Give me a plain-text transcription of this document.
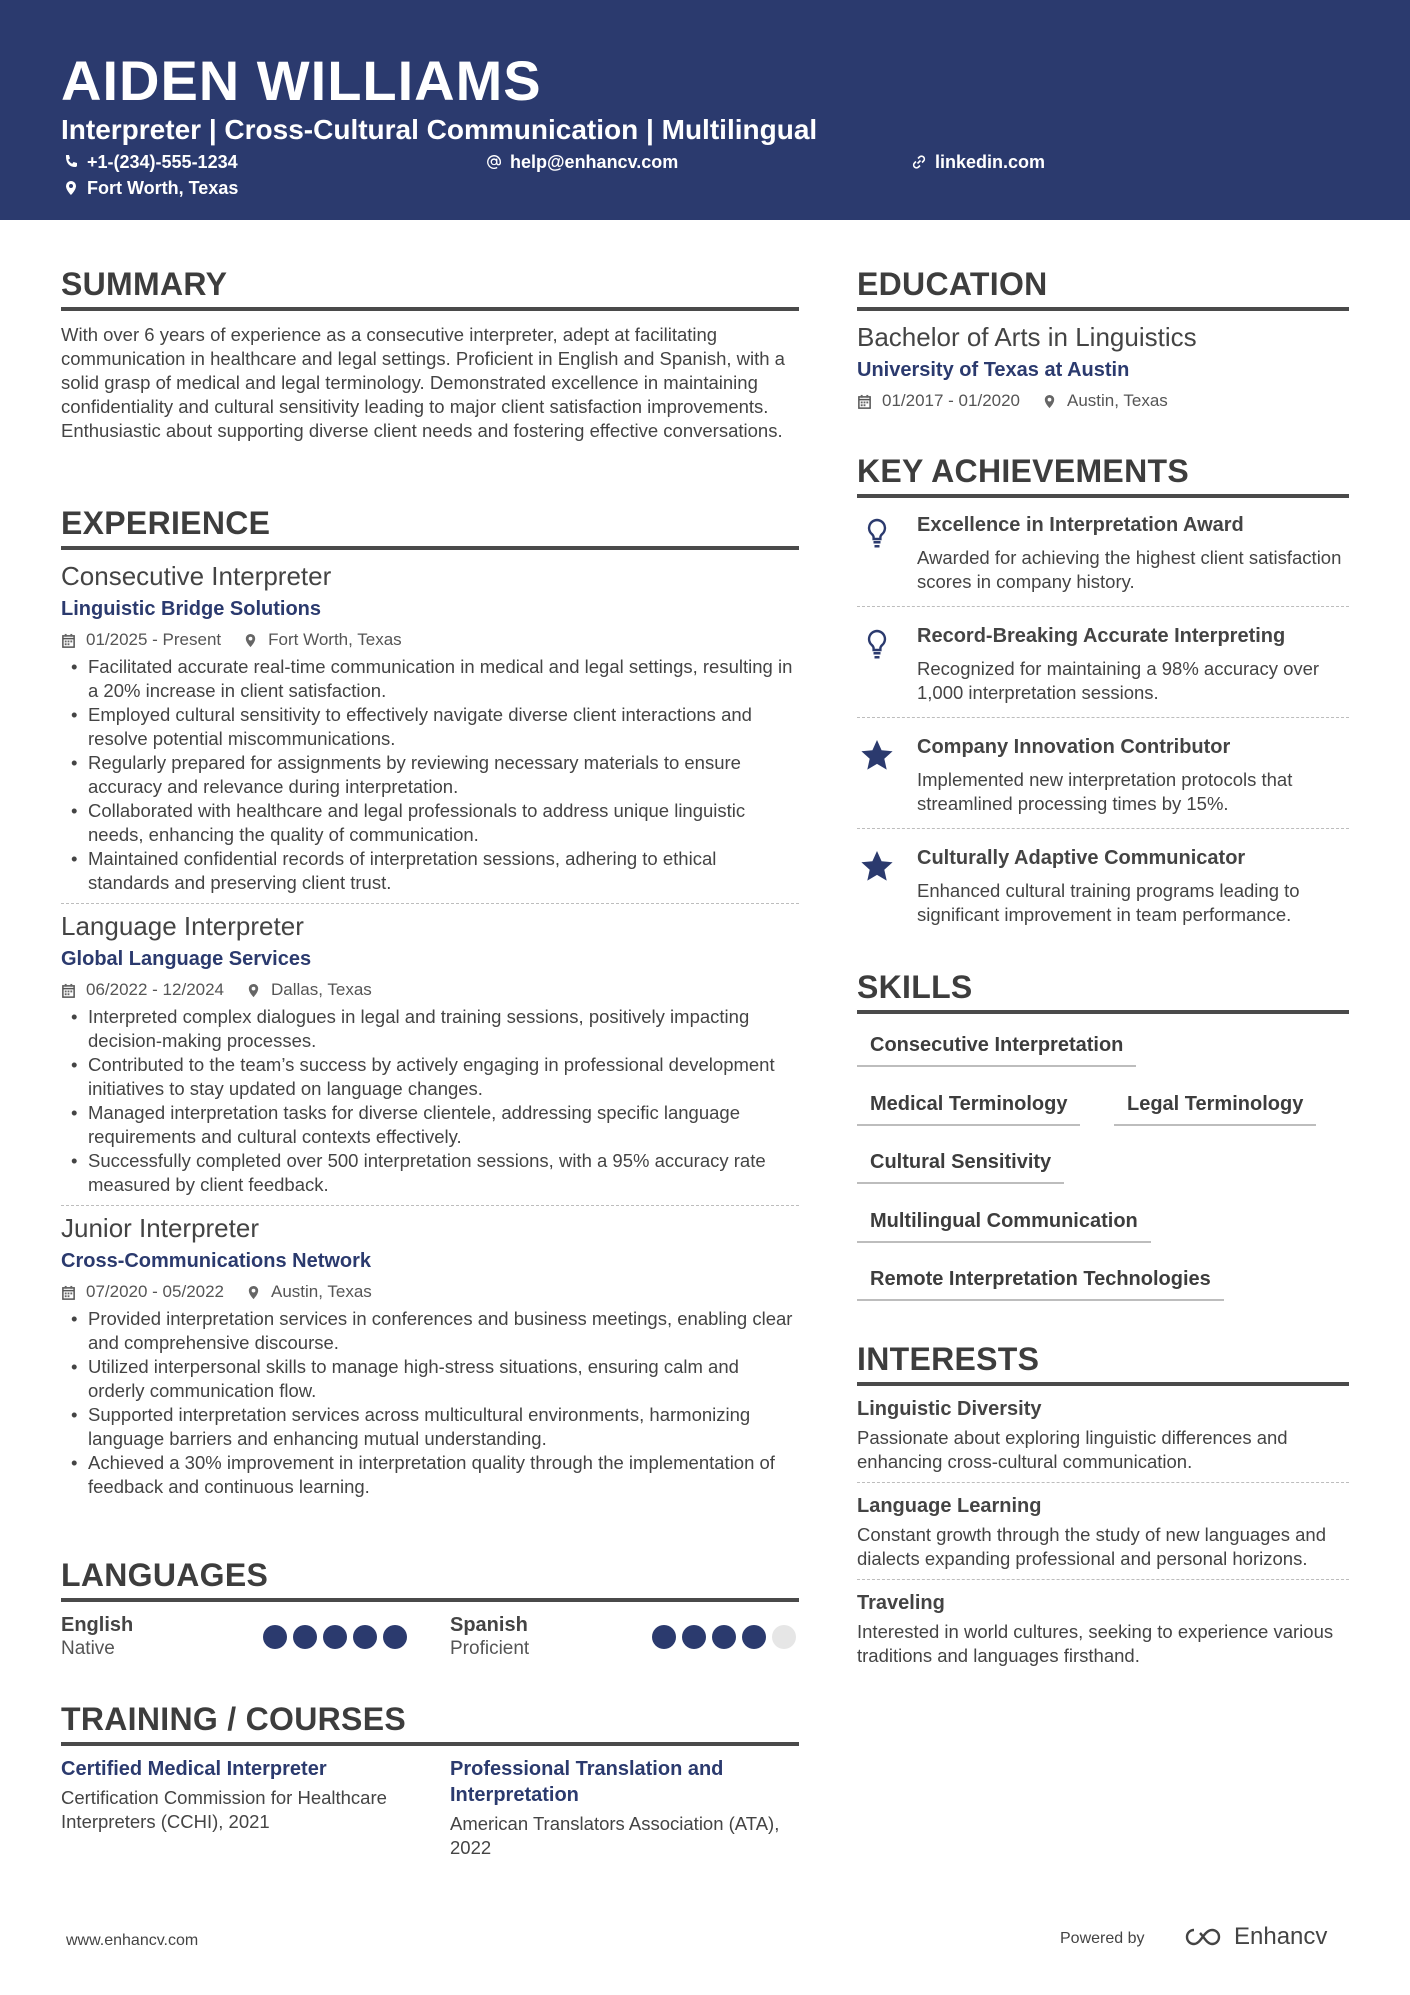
AIDEN WILLIAMS
Interpreter | Cross-Cultural Communication | Multilingual
+1-(234)-555-1234	help@enhancv.com	linkedin.com
Fort Worth, Texas
SUMMARY
With over 6 years of experience as a consecutive interpreter, adept at facilitating communication in healthcare and legal settings. Proficient in English and Spanish, with a solid grasp of medical and legal terminology. Demonstrated excellence in maintaining confidentiality and cultural sensitivity leading to major client satisfaction improvements. Enthusiastic about supporting diverse client needs and fostering effective conversations.
EXPERIENCE
Consecutive Interpreter
Linguistic Bridge Solutions
01/2025 - Present	Fort Worth, Texas
• Facilitated accurate real-time communication in medical and legal settings, resulting in a 20% increase in client satisfaction.
• Employed cultural sensitivity to effectively navigate diverse client interactions and resolve potential miscommunications.
• Regularly prepared for assignments by reviewing necessary materials to ensure accuracy and relevance during interpretation.
• Collaborated with healthcare and legal professionals to address unique linguistic needs, enhancing the quality of communication.
• Maintained confidential records of interpretation sessions, adhering to ethical standards and preserving client trust.
Language Interpreter
Global Language Services
06/2022 - 12/2024	Dallas, Texas
• Interpreted complex dialogues in legal and training sessions, positively impacting decision-making processes.
• Contributed to the team’s success by actively engaging in professional development initiatives to stay updated on language changes.
• Managed interpretation tasks for diverse clientele, addressing specific language requirements and cultural contexts effectively.
• Successfully completed over 500 interpretation sessions, with a 95% accuracy rate measured by client feedback.
Junior Interpreter
Cross-Communications Network
07/2020 - 05/2022	Austin, Texas
• Provided interpretation services in conferences and business meetings, enabling clear and comprehensive discourse.
• Utilized interpersonal skills to manage high-stress situations, ensuring calm and orderly communication flow.
• Supported interpretation services across multicultural environments, harmonizing language barriers and enhancing mutual understanding.
• Achieved a 30% improvement in interpretation quality through the implementation of feedback and continuous learning.
LANGUAGES
English
Native
Spanish
Proficient
TRAINING / COURSES
Certified Medical Interpreter
Certification Commission for Healthcare Interpreters (CCHI), 2021
Professional Translation and Interpretation
American Translators Association (ATA), 2022
EDUCATION
Bachelor of Arts in Linguistics
University of Texas at Austin
01/2017 - 01/2020	Austin, Texas
KEY ACHIEVEMENTS
Excellence in Interpretation Award
Awarded for achieving the highest client satisfaction scores in company history.
Record-Breaking Accurate Interpreting
Recognized for maintaining a 98% accuracy over 1,000 interpretation sessions.
Company Innovation Contributor
Implemented new interpretation protocols that streamlined processing times by 15%.
Culturally Adaptive Communicator
Enhanced cultural training programs leading to significant improvement in team performance.
SKILLS
Consecutive Interpretation
Medical Terminology	Legal Terminology
Cultural Sensitivity
Multilingual Communication
Remote Interpretation Technologies
INTERESTS
Linguistic Diversity
Passionate about exploring linguistic differences and enhancing cross-cultural communication.
Language Learning
Constant growth through the study of new languages and dialects expanding professional and personal horizons.
Traveling
Interested in world cultures, seeking to experience various traditions and languages firsthand.
www.enhancv.com	Powered by	Enhancv
